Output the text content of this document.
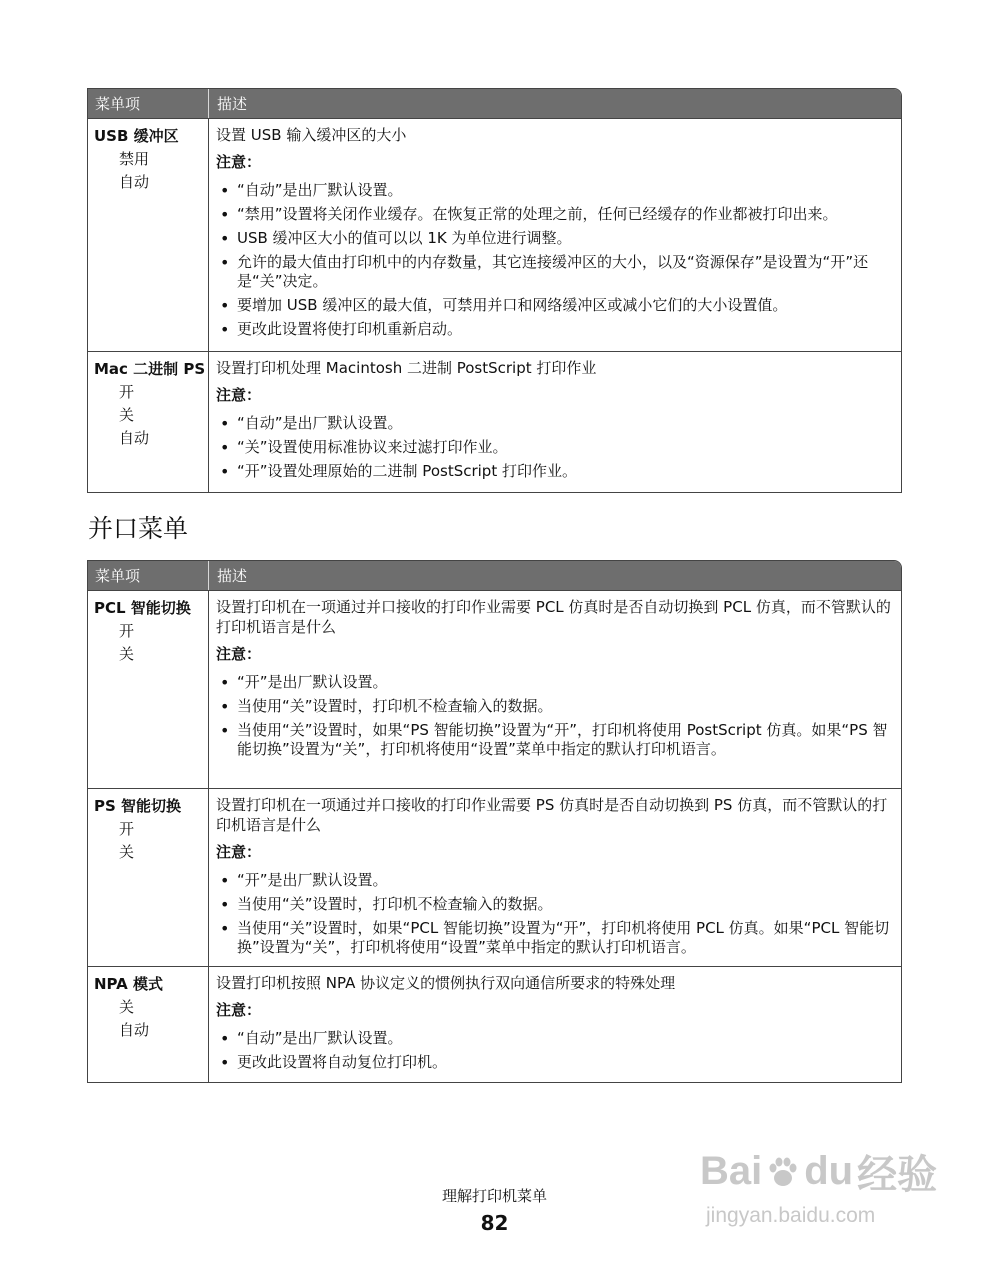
菜单项	描述
USB 缓冲区
禁用
自动
设置 USB 输入缓冲区的大小
注意：
• “自动”是出厂默认设置。
• “禁用”设置将关闭作业缓存。在恢复正常的处理之前，任何已经缓存的作业都被打印出来。
• USB 缓冲区大小的值可以以 1K 为单位进行调整。
• 允许的最大值由打印机中的内存数量，其它连接缓冲区的大小，以及“资源保存”是设置为“开”还是“关”决定。
• 要增加 USB 缓冲区的最大值，可禁用并口和网络缓冲区或减小它们的大小设置值。
• 更改此设置将使打印机重新启动。
Mac 二进制 PS
开
关
自动
设置打印机处理 Macintosh 二进制 PostScript 打印作业
注意：
• “自动”是出厂默认设置。
• “关”设置使用标准协议来过滤打印作业。
• “开”设置处理原始的二进制 PostScript 打印作业。
并口菜单
菜单项	描述
PCL 智能切换
开
关
设置打印机在一项通过并口接收的打印作业需要 PCL 仿真时是否自动切换到 PCL 仿真，而不管默认的打印机语言是什么
注意：
• “开”是出厂默认设置。
• 当使用“关”设置时，打印机不检查输入的数据。
• 当使用“关”设置时，如果“PS 智能切换”设置为“开”，打印机将使用 PostScript 仿真。如果“PS 智能切换”设置为“关”，打印机将使用“设置”菜单中指定的默认打印机语言。
PS 智能切换
开
关
设置打印机在一项通过并口接收的打印作业需要 PS 仿真时是否自动切换到 PS 仿真，而不管默认的打印机语言是什么
注意：
• “开”是出厂默认设置。
• 当使用“关”设置时，打印机不检查输入的数据。
• 当使用“关”设置时，如果“PCL 智能切换”设置为“开”，打印机将使用 PCL 仿真。如果“PCL 智能切换”设置为“关”，打印机将使用“设置”菜单中指定的默认打印机语言。
NPA 模式
关
自动
设置打印机按照 NPA 协议定义的惯例执行双向通信所要求的特殊处理
注意：
• “自动”是出厂默认设置。
• 更改此设置将自动复位打印机。
理解打印机菜单
82
Bai du 经验
jingyan.baidu.com
